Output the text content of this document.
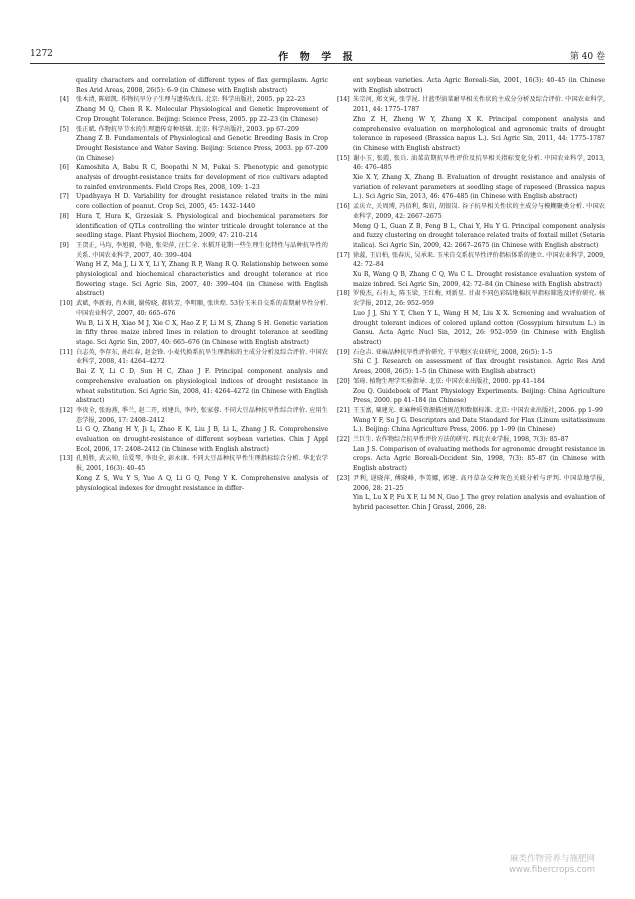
1272	作 物 学 报	第 40 卷

quality characters and correlation of different types of flax germplasm. Agric Res Arid Areas, 2008, 26(5): 6–9 (in Chinese with English abstract)

[4] 张木清, 陈如凯. 作物抗旱分子生理与遗传改良. 北京: 科学出版社, 2005. pp 22–23

Zhang M Q, Chen R K. Molecular Physiological and Genetic Improvement of Crop Drought Tolerance. Beijing: Science Press, 2005. pp 22–23 (in Chinese)

[5] 张正斌. 作物抗旱节水的生理遗传育种基础. 北京: 科学出版社, 2003. pp 67–209

Zhang Z B. Fundamentals of Physiological and Genetic Breeding Basis in Crop Drought Resistance and Water Saving. Beijing: Science Press, 2003. pp 67–209 (in Chinese)

[6] Kamoshita A, Babu R C, Boopathi N M, Fukai S. Phenotypic and genotypic analysis of drought-resistance traits for development of rice cultivars adapted to rainfed environments. Field Crops Res, 2008, 109: 1–23

[7] Upadhyaya H D. Variability for drought resistance related traits in the mini core collection of peanut. Crop Sci, 2005, 45: 1432–1440

[8] Hura T, Hura K, Grzesiak S. Physiological and biochemical parameters for identification of QTLs controlling the winter triticale drought tolerance at the seedling stage. Plant Physiol Biochem, 2009, 47: 210–214

[9] 王贺正, 马均, 李旭毅, 李艳, 张荣萍, 汪仁全. 水稻开花期一些生理生化特性与品种抗旱性的关系. 中国农业科学, 2007, 40: 399–404

Wang H Z, Ma J, Li X Y, Li Y, Zhang R P, Wang R Q. Relationship between some physiological and biochemical characteristics and drought tolerance at rice flowering stage. Sci Agric Sin, 2007, 40: 399–404 (in Chinese with English abstract)

[10] 武斌, 李新海, 肖木辑, 谢传晓, 郝转芳, 李明顺, 张世煌. 53份玉米自交系的苗期耐旱性分析. 中国农业科学, 2007, 40: 665–676

Wu B, Li X H, Xiao M J, Xie C X, Hao Z F, Li M S, Zhang S H. Genetic variation in fifty three maize inbred lines in relation to drought tolerance at seedling stage. Sci Agric Sin, 2007, 40: 665–676 (in Chinese with English abstract)

[11] 白志英, 李存东, 孙红春, 赵金锋. 小麦代换系抗旱生理指标的主成分分析及综合评价. 中国农业科学, 2008, 41: 4264–4272

Bai Z Y, Li C D, Sun H C, Zhao J F. Principal component analysis and comprehensive evaluation on physiological indices of drought resistance in wheat substitution. Sci Agric Sin, 2008, 41: 4264–4272 (in Chinese with English abstract)

[12] 李贵全, 张海燕, 季兰, 赵二开, 刘建兵, 李玲, 张家蓉. 不同大豆品种抗旱性综合评价. 应用生态学报, 2006, 17: 2408–2412

Li G Q, Zhang H Y, Ji L, Zhao E K, Liu J B, Li L, Zhang J R. Comprehensive evaluation on drought-resistance of different soybean varieties. Chin J Appl Ecol, 2006, 17: 2408–2412 (in Chinese with English abstract)

[13] 孔照胜, 武云帅, 岳爱琴, 李贵全, 彭永康. 不同大豆品种抗旱性生理指标综合分析. 华北农学报, 2001, 16(3): 40–45

Kong Z S, Wu Y S, Yue A Q, Li G Q, Peng Y K. Comprehensive analysis of physiological indexes for drought resistance in differ-

ent soybean varieties. Acta Agric Boreali-Sin, 2001, 16(3): 40–45 (in Chinese with English abstract)

[14] 朱宗河, 郑文寅, 张学昆. 甘蓝型油菜耐旱相关性状的主成分分析及综合评价. 中国农业科学, 2011, 44: 1775–1787

Zhu Z H, Zheng W Y, Zhang X K. Principal component analysis and comprehensive evaluation on morphological and agronomic traits of drought tolerance in rapeseed (Brassica napus L.). Sci Agric Sin, 2011, 44: 1775–1787 (in Chinese with English abstract)

[15] 谢小玉, 张霞, 张兵. 油菜苗期抗旱性评价及抗旱相关指标变化分析. 中国农业科学, 2013, 46: 476–485

Xie X Y, Zhang X, Zhang B. Evaluation of drought resistance and analysis of variation of relevant parameters at seedling stage of rapeseed (Brassica napus L.). Sci Agric Sin, 2013, 46: 476–485 (in Chinese with English abstract)

[16] 孟庆立, 关周博, 冯佰利, 柴岩, 胡银岗. 谷子抗旱相关性状的主成分与模糊聚类分析. 中国农业科学, 2009, 42: 2667–2675

Meng Q L, Guan Z B, Feng B L, Chai Y, Hu Y G. Principal component analysis and fuzzy clustering on drought tolerance related traits of foxtail millet (Setaria italica). Sci Agric Sin, 2009, 42: 2667–2675 (in Chinese with English abstract)

[17] 徐蕊, 王启柏, 张春庆, 吴承来. 玉米自交系抗旱性评价指标体系的建立. 中国农业科学, 2009, 42: 72–84

Xu R, Wang Q B, Zhang C Q, Wu C L. Drought resistance evaluation system of maize inbred. Sci Agric Sin, 2009, 42: 72–84 (in Chinese with English abstract)

[18] 罗俊杰, 石有太, 陈玉梁, 王红梅, 刘新星. 甘肃不同色彩陆地棉抗旱指标筛选及评价研究. 核农学报, 2012, 26: 952–959

Luo J J, Shi Y T, Chen Y L, Wang H M, Liu X X. Screening and wvaluation of drought tolerant indices of colored upland cotton (Gossypium hirsutum L.) in Gansu. Acta Agric Nucl Sin, 2012, 26: 952–959 (in Chinese with English abstract)

[19] 石仓吉. 亚麻品种抗旱性评价研究. 干旱地区农业研究, 2008, 26(5): 1–5

Shi C J. Research on assessment of flax drought resistance. Agric Res Arid Areas, 2008, 26(5): 1–5 (in Chinese with English abstract)

[20] 邹琦. 植物生理学实验指导. 北京: 中国农业出版社, 2000. pp 41–184

Zou Q. Guidebook of Plant Physiology Experiments. Beijing: China Agriculture Press, 2000. pp 41–184 (in Chinese)

[21] 王玉富, 粟建光. 亚麻种质资源描述规范和数据标准. 北京: 中国农业出版社, 2006. pp 1–99

Wang Y F, Su J G. Descriptors and Data Standard for Flax (Linum usitatissimum L.). Beijing: China Agriculture Press, 2006. pp 1–99 (in Chinese)

[22] 兰巨生. 农作物综合抗旱性评价方法的研究. 西北农业学报, 1998, 7(3): 85–87

Lan J S. Comparison of evaluating methods for agronomic drought resistance in crops. Acta Agric Boreali-Occident Sin, 1998, 7(3): 85–87 (in Chinese with English abstract)

[23] 尹利, 逯晓萍, 傅晓峰, 李美娜, 郭建. 高丹草杂交种灰色关联分析与评判. 中国草地学报, 2006, 28: 21–25

Yin L, Lu X P, Fu X F, Li M N, Guo J. The grey relation analysis and evaluation of hybrid pacesetter. Chin J Grassl, 2006, 28:

麻类作物营养与施肥网
www.fibercrops.com
